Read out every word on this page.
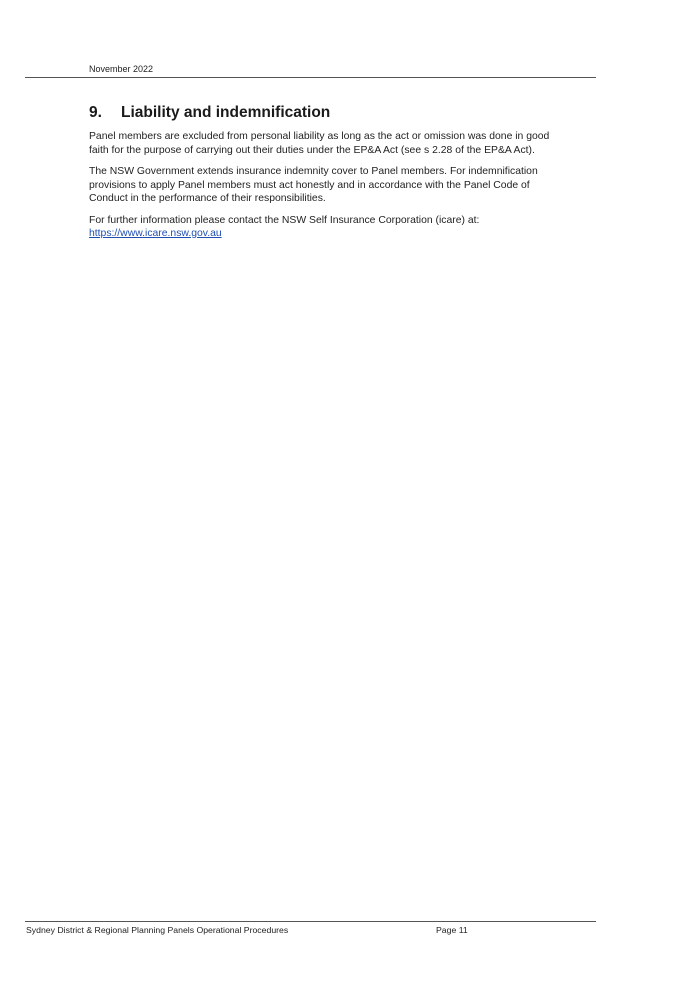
November 2022
9.	Liability and indemnification

Panel members are excluded from personal liability as long as the act or omission was done in good
faith for the purpose of carrying out their duties under the EP&A Act (see s 2.28 of the EP&A Act).

The NSW Government extends insurance indemnity cover to Panel members. For indemnification
provisions to apply Panel members must act honestly and in accordance with the Panel Code of
Conduct in the performance of their responsibilities.

For further information please contact the NSW Self Insurance Corporation (icare) at:
https://www.icare.nsw.gov.au

Sydney District & Regional Planning Panels Operational Procedures	Page 11
